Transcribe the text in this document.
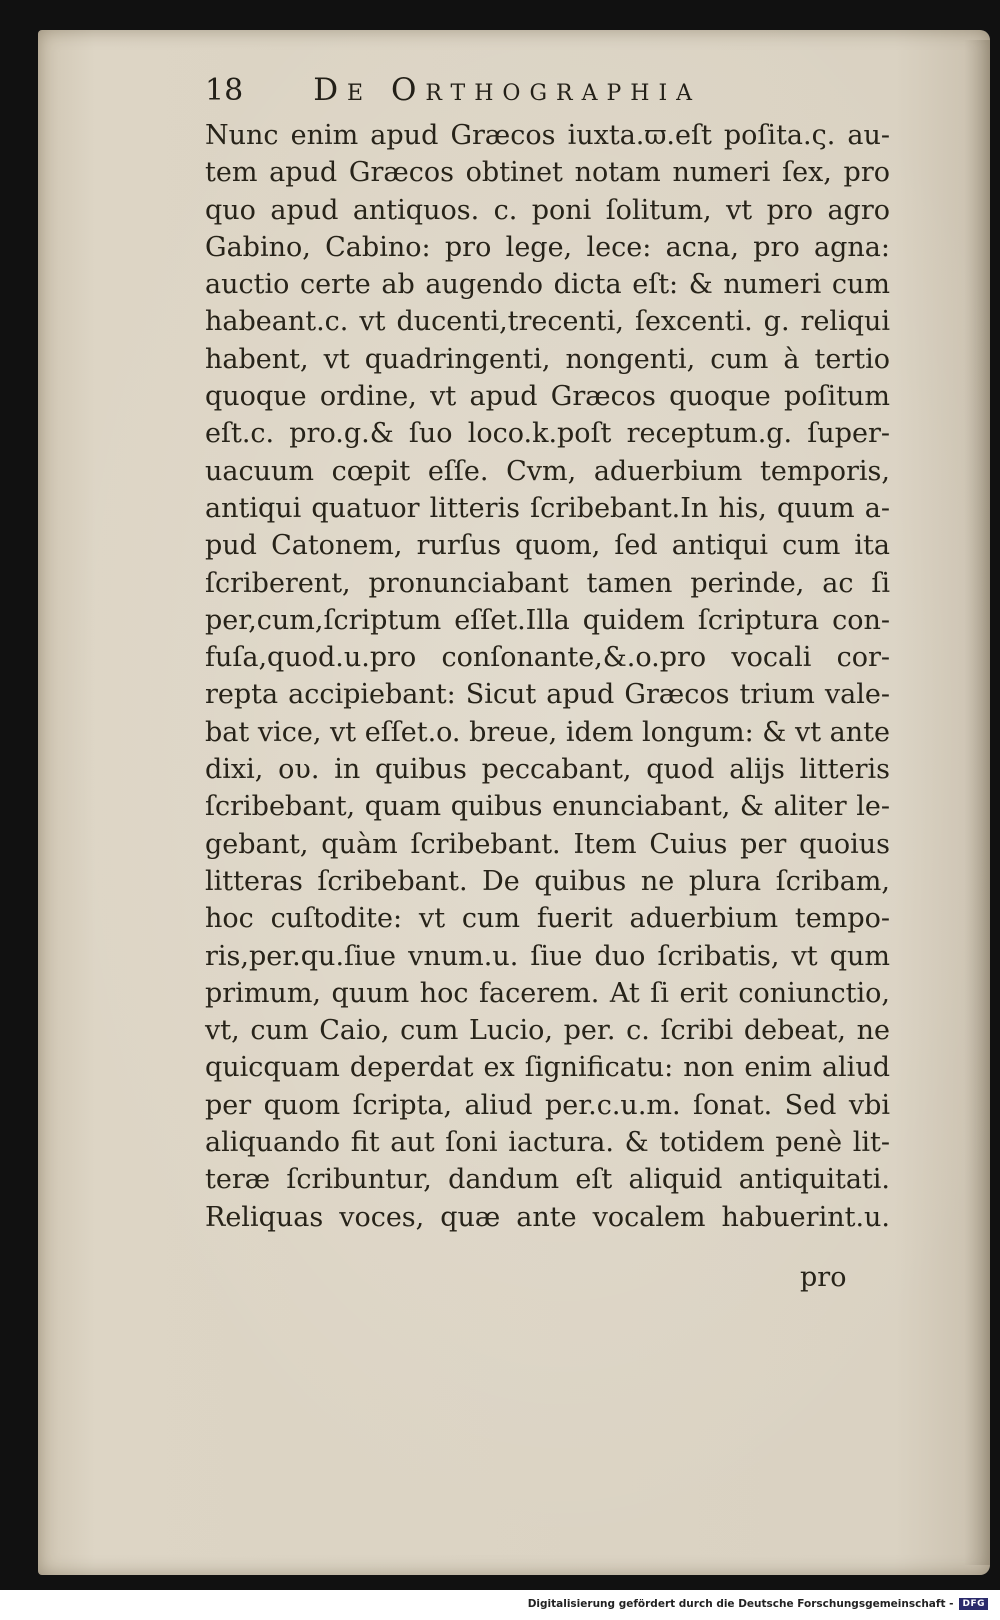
18 De Orthographia
Nunc enim apud Græcos iuxta.ϖ.eſt poſita.ς. au-
tem apud Græcos obtinet notam numeri ſex, pro
quo apud antiquos. c. poni ſolitum, vt pro agro
Gabino, Cabino: pro lege, lece: acna, pro agna:
auctio certe ab augendo dicta eſt: & numeri cum
habeant.c. vt ducenti,trecenti, ſexcenti. g. reliqui
habent, vt quadringenti, nongenti, cum à tertio
quoque ordine, vt apud Græcos quoque poſitum
eſt.c. pro.g.& ſuo loco.k.poſt receptum.g. ſuper-
uacuum cœpit eſſe. Cvm, aduerbium temporis,
antiqui quatuor litteris ſcribebant.In his, quum a-
pud Catonem, rurſus quom, ſed antiqui cum ita
ſcriberent, pronunciabant tamen perinde, ac ſi
per,cum,ſcriptum eſſet.Illa quidem ſcriptura con-
fuſa,quod.u.pro conſonante,&.o.pro vocali cor-
repta accipiebant: Sicut apud Græcos trium vale-
bat vice, vt eſſet.o. breue, idem longum: & vt ante
dixi, ου. in quibus peccabant, quod alijs litteris
ſcribebant, quam quibus enunciabant, & aliter le-
gebant, quàm ſcribebant. Item Cuius per quoius
litteras ſcribebant. De quibus ne plura ſcribam,
hoc cuſtodite: vt cum fuerit aduerbium tempo-
ris,per.qu.ſiue vnum.u. ſiue duo ſcribatis, vt qum
primum, quum hoc facerem. At ſi erit coniunctio,
vt, cum Caio, cum Lucio, per. c. ſcribi debeat, ne
quicquam deperdat ex ſignificatu: non enim aliud
per quom ſcripta, aliud per.c.u.m. ſonat. Sed vbi
aliquando fit aut ſoni iactura. & totidem penè lit-
teræ ſcribuntur, dandum eſt aliquid antiquitati.
Reliquas voces, quæ ante vocalem habuerint.u.
pro
Digitalisierung gefördert durch die Deutsche Forschungsgemeinschaft -	DFG
